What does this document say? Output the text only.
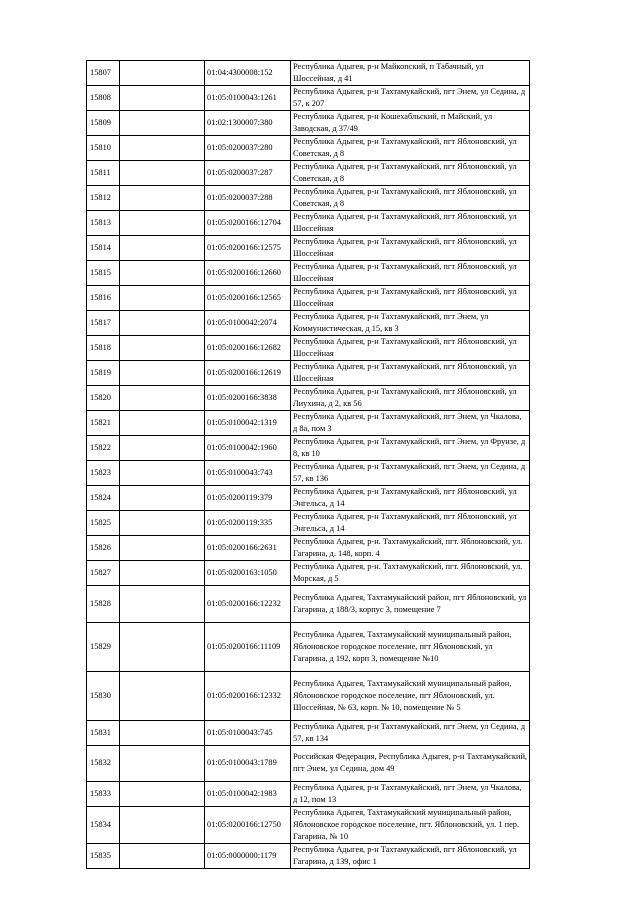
15807		01:04:4300008:152	Республика Адыгея, р-н Майкопский, п Табачный, ул Шоссейная, д 41
15808		01:05:0100043:1261	Республика Адыгея, р-н Тахтамукайский, пгт Энем, ул Седина, д 57, к 207
15809		01:02:1300007:380	Республика Адыгея, р-н Кошехабльский, п Майский, ул Заводская, д 37/49
15810		01:05:0200037:280	Республика Адыгея, р-н Тахтамукайский, пгт Яблоновский, ул Советская, д 8
15811		01:05:0200037:287	Республика Адыгея, р-н Тахтамукайский, пгт Яблоновский, ул Советская, д 8
15812		01:05:0200037:288	Республика Адыгея, р-н Тахтамукайский, пгт Яблоновский, ул Советская, д 8
15813		01:05:0200166:12704	Республика Адыгея, р-н Тахтамукайский, пгт Яблоновский, ул Шоссейная
15814		01:05:0200166:12575	Республика Адыгея, р-н Тахтамукайский, пгт Яблоновский, ул Шоссейная
15815		01:05:0200166:12660	Республика Адыгея, р-н Тахтамукайский, пгт Яблоновский, ул Шоссейная
15816		01:05:0200166:12565	Республика Адыгея, р-н Тахтамукайский, пгт Яблоновский, ул Шоссейная
15817		01:05:0100042:2074	Республика Адыгея, р-н Тахтамукайский, пгт Энем, ул Коммунистическая, д 15, кв 3
15818		01:05:0200166:12682	Республика Адыгея, р-н Тахтамукайский, пгт Яблоновский, ул Шоссейная
15819		01:05:0200166:12619	Республика Адыгея, р-н Тахтамукайский, пгт Яблоновский, ул Шоссейная
15820		01:05:0200166:3838	Республика Адыгея, р-н Тахтамукайский, пгт Яблоновский, ул Лиухина, д 2, кв 56
15821		01:05:0100042:1319	Республика Адыгея, р-н Тахтамукайский, пгт Энем, ул Чкалова, д 8а, пом 3
15822		01:05:0100042:1960	Республика Адыгея, р-н Тахтамукайский, пгт Энем, ул Фрунзе, д 8, кв 10
15823		01:05:0100043:743	Республика Адыгея, р-н Тахтамукайский, пгт Энем, ул Седина, д 57, кв 136
15824		01:05:0200119:379	Республика Адыгея, р-н Тахтамукайский, пгт Яблоновский, ул Энгельса, д 14
15825		01:05:0200119:335	Республика Адыгея, р-н Тахтамукайский, пгт Яблоновский, ул Энгельса, д 14
15826		01:05:0200166:2631	Республика Адыгея, р-н. Тахтамукайский, пгт. Яблоновский, ул. Гагарина, д. 148, корп. 4
15827		01:05:0200163:1050	Республика Адыгея, р-н. Тахтамукайский, пгт. Яблоновский, ул. Морская, д 5
15828		01:05:0200166:12232	Республика Адыгея, Тахтамукайский район, пгт Яблоновский, ул Гагарина, д 188/3, корпус 3, помещение 7
15829		01:05:0200166:11109	Республика Адыгея, Тахтамукайский муниципальный район, Яблоновское городское поселение, пгт Яблоновский, ул Гагарина, д 192, корп 3, помещение №10
15830		01:05:0200166:12332	Республика Адыгея, Тахтамукайский муниципальный район, Яблоновское городское поселение, пгт Яблоновский, ул. Шоссейная, № 63, корп. № 10, помещение № 5
15831		01:05:0100043:745	Республика Адыгея, р-н Тахтамукайский, пгт Энем, ул Седина, д 57, кв 134
15832		01:05:0100043:1789	Российская Федерация, Республика Адыгея, р-н Тахтамукайский, пгт Энем, ул Седина, дом 49
15833		01:05:0100042:1983	Республика Адыгея, р-н Тахтамукайский, пгт Энем, ул Чкалова, д 12, пом 13
15834		01:05:0200166:12750	Республика Адыгея, Тахтамукайский муниципальный район, Яблоновское городское поселение, пгт. Яблоновский, ул. 1 пер. Гагарина, № 10
15835		01:05:0000000:1179	Республика Адыгея, р-н Тахтамукайский, пгт Яблоновский, ул Гагарина, д 139, офис 1
